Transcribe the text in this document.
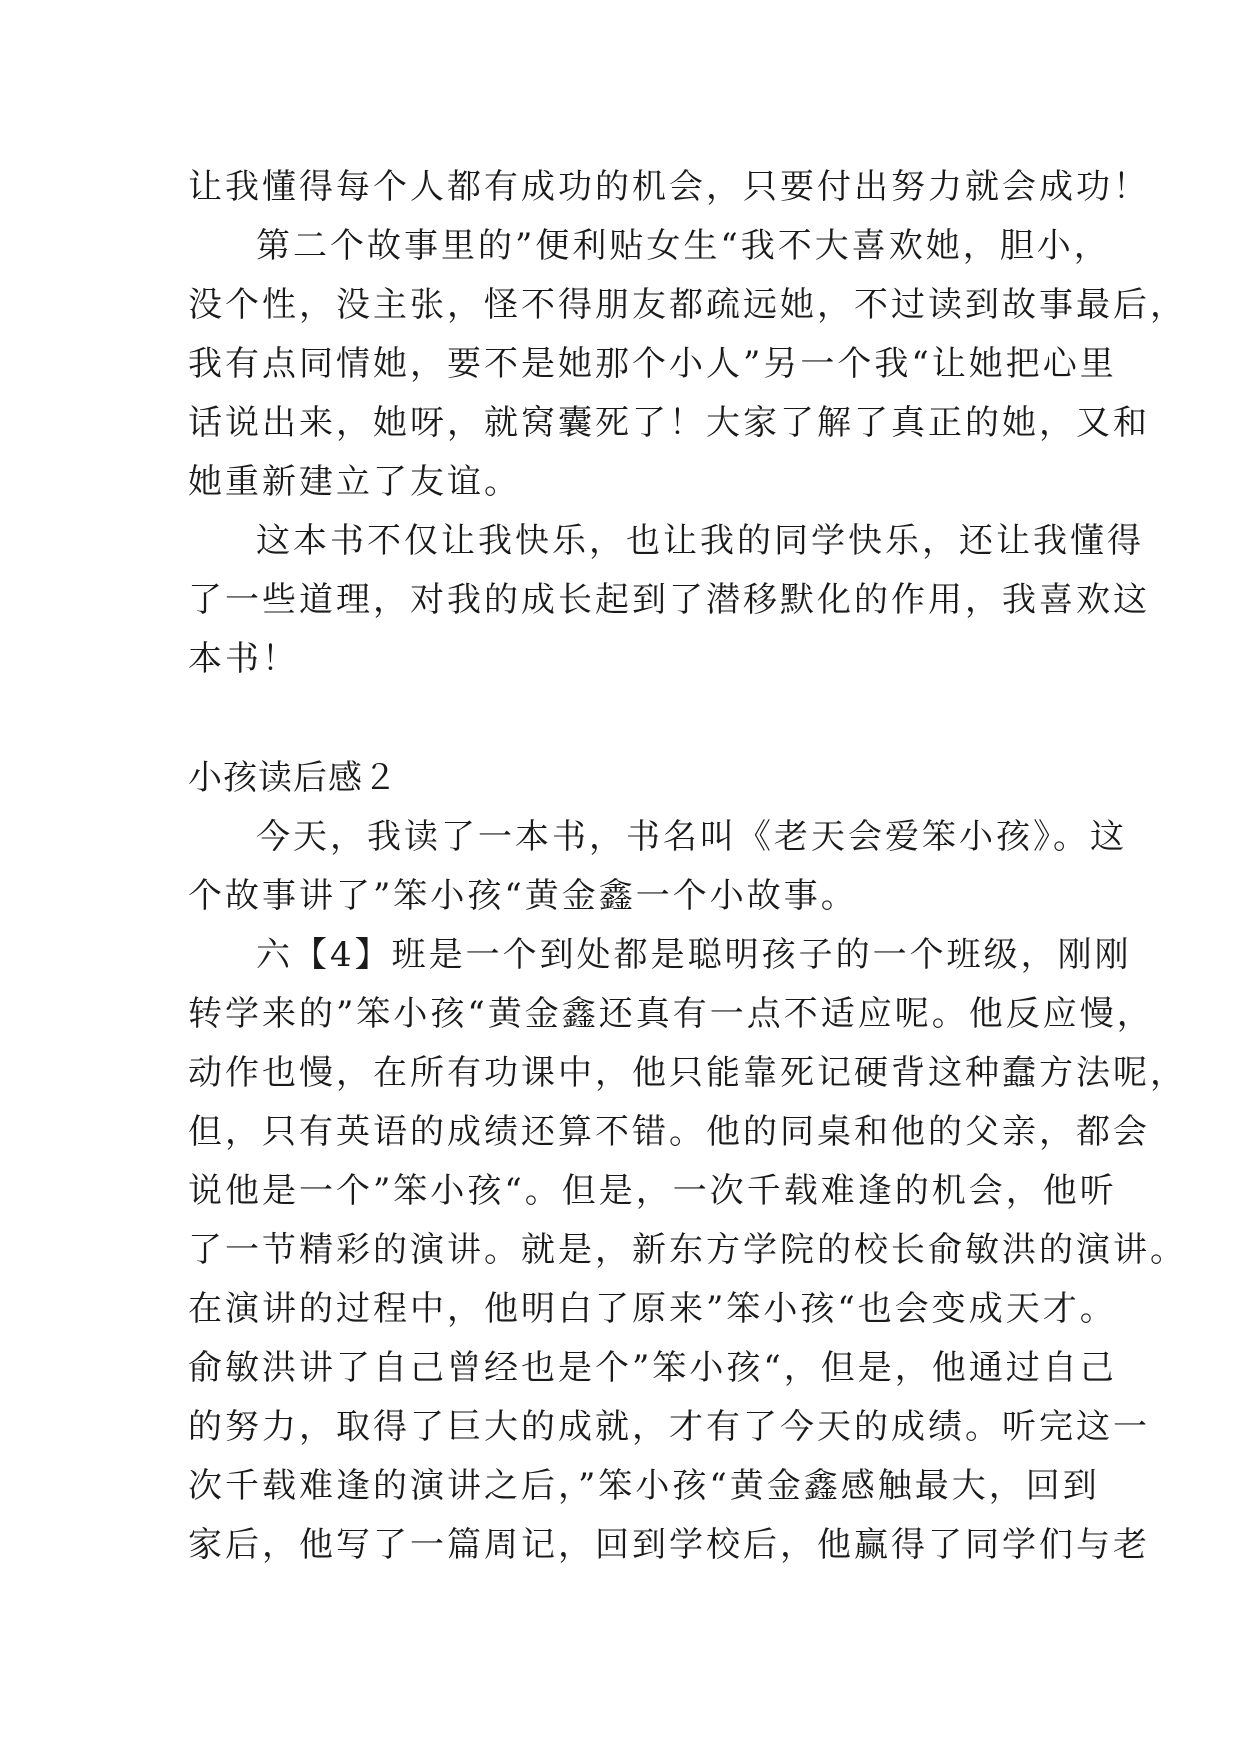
让我懂得每个人都有成功的机会，只要付出努力就会成功！
第二个故事里的”便利贴女生“我不大喜欢她，胆小，
没个性，没主张，怪不得朋友都疏远她，不过读到故事最后，
我有点同情她，要不是她那个小人”另一个我“让她把心里
话说出来，她呀，就窝囊死了！大家了解了真正的她，又和
她重新建立了友谊。
这本书不仅让我快乐，也让我的同学快乐，还让我懂得
了一些道理，对我的成长起到了潜移默化的作用，我喜欢这
本书！
小孩读后感２
今天，我读了一本书，书名叫《老天会爱笨小孩》。这
个故事讲了”笨小孩“黄金鑫一个小故事。
六【4】班是一个到处都是聪明孩子的一个班级，刚刚
转学来的”笨小孩“黄金鑫还真有一点不适应呢。他反应慢，
动作也慢，在所有功课中，他只能靠死记硬背这种蠢方法呢，
但，只有英语的成绩还算不错。他的同桌和他的父亲，都会
说他是一个”笨小孩“。但是，一次千载难逢的机会，他听
了一节精彩的演讲。就是，新东方学院的校长俞敏洪的演讲。
在演讲的过程中，他明白了原来”笨小孩“也会变成天才。
俞敏洪讲了自己曾经也是个”笨小孩“，但是，他通过自己
的努力，取得了巨大的成就，才有了今天的成绩。听完这一
次千载难逢的演讲之后，”笨小孩“黄金鑫感触最大，回到
家后，他写了一篇周记，回到学校后，他赢得了同学们与老
